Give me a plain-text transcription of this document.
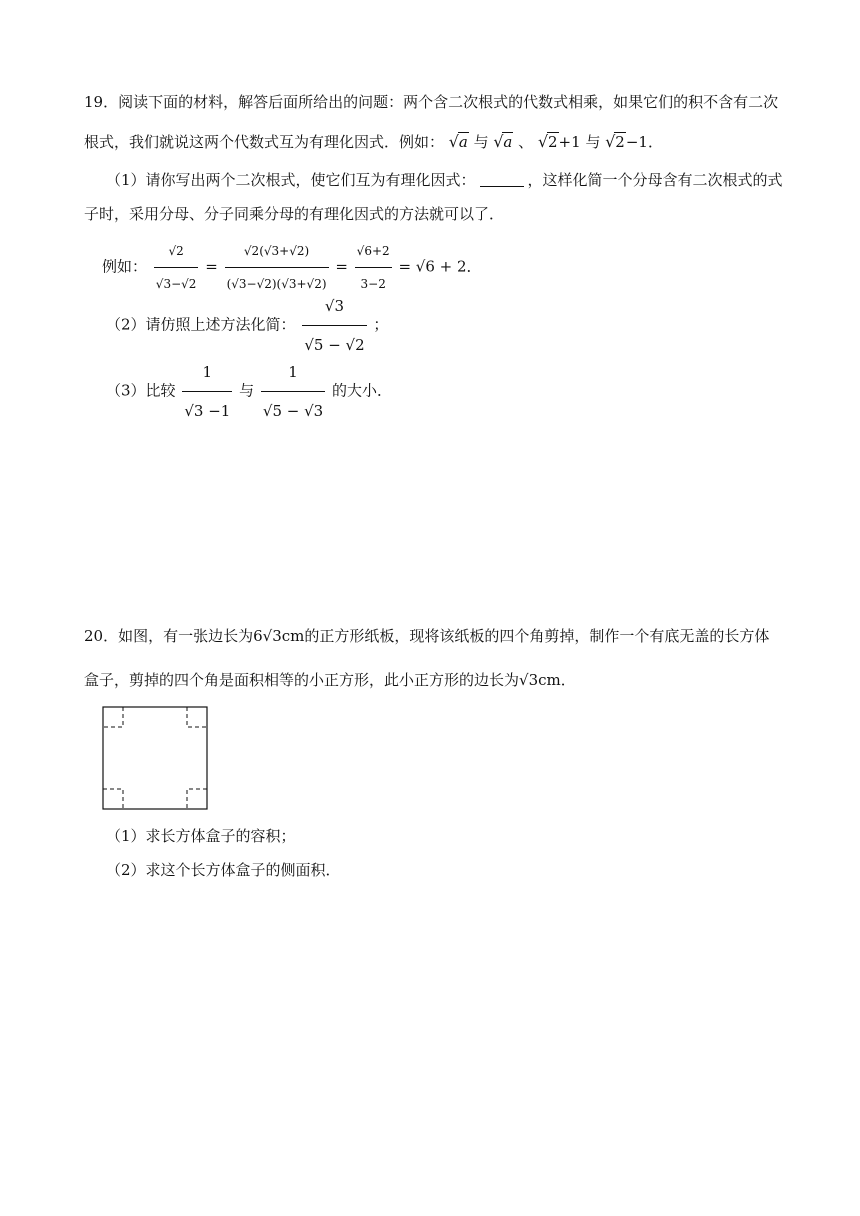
19．阅读下面的材料，解答后面所给出的问题：两个含二次根式的代数式相乘，如果它们的积不含有二次
根式，我们就说这两个代数式互为有理化因式．例如： √a 与 √a 、 √2+1 与 √2−1．
（1）请你写出两个二次根式，使它们互为有理化因式：	，这样化简一个分母含有二次根式的式
子时，采用分母、分子同乘分母的有理化因式的方法就可以了．
例如： $\frac{√2}{√3-√2} = \frac{√2(√3+√2)}{(√3-√2)(√3+√2)} = \frac{√6+2}{3-2} = √6 + 2$．
（2）请仿照上述方法化简： $\frac{√3}{√5 - √2}$ ；
（3）比较 $\frac{1}{√3 -1}$ 与 $\frac{1}{√5 - √3}$ 的大小．
20．如图，有一张边长为6√3cm的正方形纸板，现将该纸板的四个角剪掉，制作一个有底无盖的长方体
盒子，剪掉的四个角是面积相等的小正方形，此小正方形的边长为√3cm．
（1）求长方体盒子的容积；
（2）求这个长方体盒子的侧面积．
